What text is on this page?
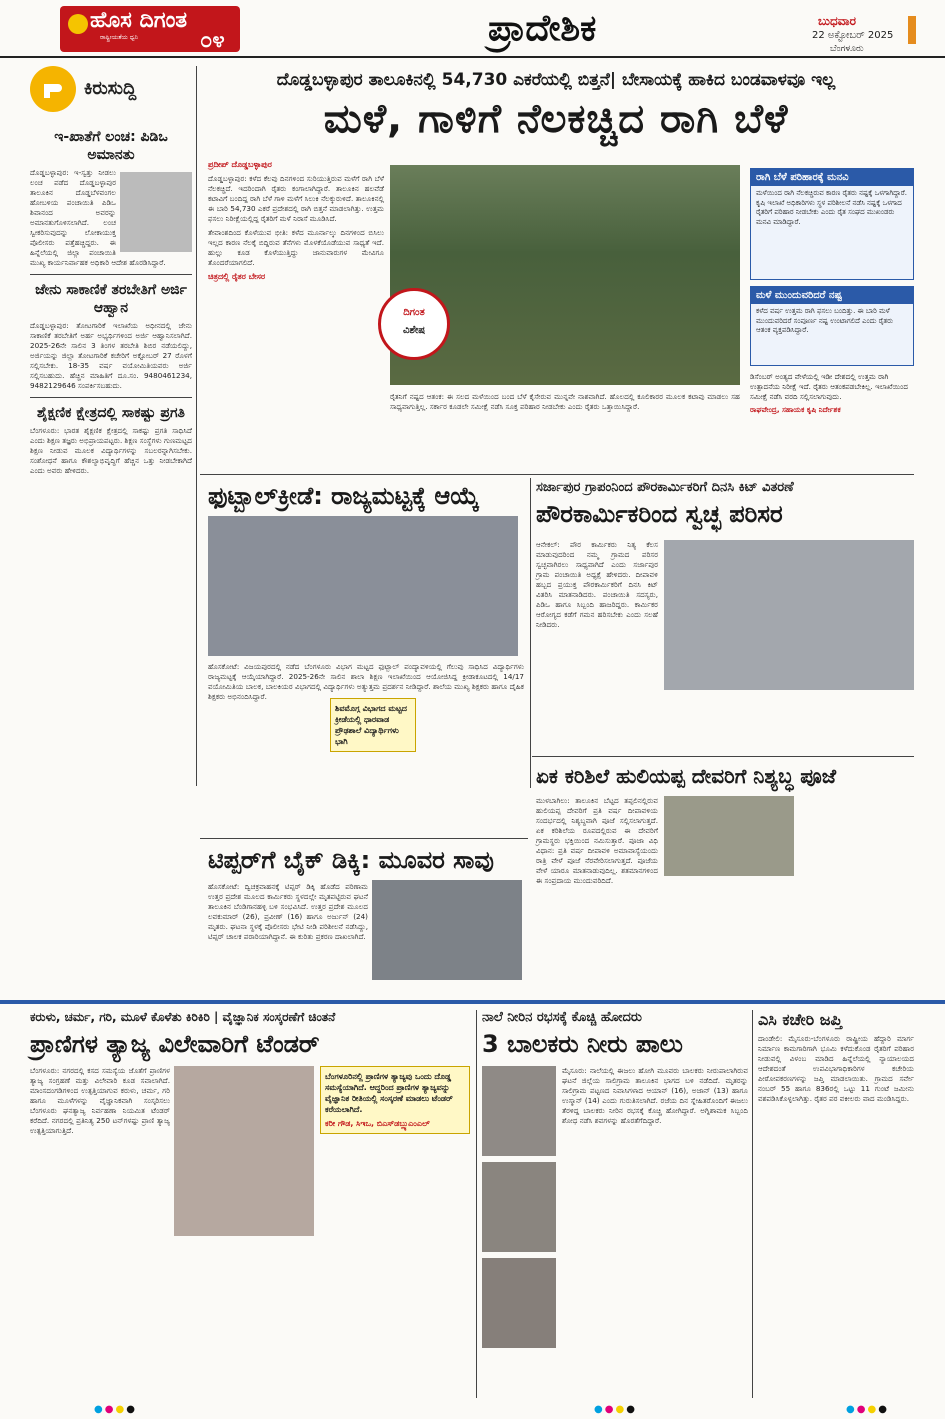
ಹೊಸ ದಿಗಂತ
ರಾಷ್ಟ್ರೀಯತೆಯ ಧ್ವನಿ	೦೪	ಪ್ರಾದೇಶಿಕ	ಬುಧವಾರ
22 ಅಕ್ಟೋಬರ್ 2025
ಬೆಂಗಳೂರು
ಕಿರುಸುದ್ದಿ
ಇ-ಖಾತೆಗೆ ಲಂಚ: ಪಿಡಿಒ ಅಮಾನತು
ದೊಡ್ಡಬಳ್ಳಾಪುರ: ಇ-ಸ್ವತ್ತು ನೀಡಲು ಲಂಚ ಪಡೆದ ದೊಡ್ಡಬಳ್ಳಾಪುರ ತಾಲೂಕಿನ ದೊಡ್ಡಬೆಳವಂಗಲ ಹೋಬಳಿಯ ಪಂಚಾಯಿತಿ ಪಿಡಿಒ ಶಿವಾನಂದ ಅವರನ್ನು ಅಮಾನತುಗೊಳಿಸಲಾಗಿದೆ. ಲಂಚ ಸ್ವೀಕರಿಸುವುದನ್ನು ಲೋಕಾಯುಕ್ತ ಪೊಲೀಸರು ಪತ್ತೆಹಚ್ಚಿದ್ದರು. ಈ ಹಿನ್ನೆಲೆಯಲ್ಲಿ ಜಿಲ್ಲಾ ಪಂಚಾಯಿತಿ ಮುಖ್ಯ ಕಾರ್ಯನಿರ್ವಾಹಕ ಅಧಿಕಾರಿ ಆದೇಶ ಹೊರಡಿಸಿದ್ದಾರೆ.
ಜೇನು ಸಾಕಾಣಿಕೆ ತರಬೇತಿಗೆ ಅರ್ಜಿ ಆಹ್ವಾನ
ದೊಡ್ಡಬಳ್ಳಾಪುರ: ತೋಟಗಾರಿಕೆ ಇಲಾಖೆಯ ಅಧೀನದಲ್ಲಿ ಜೇನು ಸಾಕಾಣಿಕೆ ತರಬೇತಿಗೆ ಅರ್ಹ ಅಭ್ಯರ್ಥಿಗಳಿಂದ ಅರ್ಜಿ ಆಹ್ವಾನಿಸಲಾಗಿದೆ. 2025-26ನೇ ಸಾಲಿನ 3 ತಿಂಗಳ ತರಬೇತಿ ಶಿಬಿರ ನಡೆಯಲಿದ್ದು, ಅರ್ಜಿಯನ್ನು ಜಿಲ್ಲಾ ತೋಟಗಾರಿಕೆ ಕಚೇರಿಗೆ ಅಕ್ಟೋಬರ್ 27 ರೊಳಗೆ ಸಲ್ಲಿಸಬೇಕು. 18-35 ವರ್ಷ ವಯೋಮಿತಿಯವರು ಅರ್ಜಿ ಸಲ್ಲಿಸಬಹುದು. ಹೆಚ್ಚಿನ ಮಾಹಿತಿಗೆ ದೂ.ಸಂ. 9480461234, 9482129646 ಸಂಪರ್ಕಿಸಬಹುದು.
ಶೈಕ್ಷಣಿಕ ಕ್ಷೇತ್ರದಲ್ಲಿ ಸಾಕಷ್ಟು ಪ್ರಗತಿ
ಬೆಂಗಳೂರು: ಭಾರತ ಶೈಕ್ಷಣಿಕ ಕ್ಷೇತ್ರದಲ್ಲಿ ಸಾಕಷ್ಟು ಪ್ರಗತಿ ಸಾಧಿಸಿದೆ ಎಂದು ಶಿಕ್ಷಣ ತಜ್ಞರು ಅಭಿಪ್ರಾಯಪಟ್ಟರು. ಶಿಕ್ಷಣ ಸಂಸ್ಥೆಗಳು ಗುಣಮಟ್ಟದ ಶಿಕ್ಷಣ ನೀಡುವ ಮೂಲಕ ವಿದ್ಯಾರ್ಥಿಗಳನ್ನು ಸಬಲರನ್ನಾಗಿಸಬೇಕು. ಸಂಶೋಧನೆ ಹಾಗೂ ಕೌಶಲ್ಯಾಭಿವೃದ್ಧಿಗೆ ಹೆಚ್ಚಿನ ಒತ್ತು ನೀಡಬೇಕಾಗಿದೆ ಎಂದು ಅವರು ಹೇಳಿದರು.
ದೊಡ್ಡಬಳ್ಳಾಪುರ ತಾಲೂಕಿನಲ್ಲಿ 54,730 ಎಕರೆಯಲ್ಲಿ ಬಿತ್ತನೆ| ಬೇಸಾಯಕ್ಕೆ ಹಾಕಿದ ಬಂಡವಾಳವೂ ಇಲ್ಲ
ಮಳೆ, ಗಾಳಿಗೆ ನೆಲಕಚ್ಚಿದ ರಾಗಿ ಬೆಳೆ
ಪ್ರದೀಪ್ ದೊಡ್ಡಬಳ್ಳಾಪುರ
ದೊಡ್ಡಬಳ್ಳಾಪುರ: ಕಳೆದ ಕೆಲವು ದಿನಗಳಿಂದ ಸುರಿಯುತ್ತಿರುವ ಮಳೆಗೆ ರಾಗಿ ಬೆಳೆ ನೆಲಕಚ್ಚಿದೆ. ಇದರಿಂದಾಗಿ ರೈತರು ಕಂಗಾಲಾಗಿದ್ದಾರೆ. ತಾಲೂಕಿನ ಹಲವೆಡೆ ಕಟಾವಿಗೆ ಬಂದಿದ್ದ ರಾಗಿ ಬೆಳೆ ಗಾಳಿ ಮಳೆಗೆ ಸಿಲುಕಿ ನೆಲಕ್ಕುರುಳಿದೆ. ತಾಲೂಕಿನಲ್ಲಿ ಈ ಬಾರಿ 54,730 ಎಕರೆ ಪ್ರದೇಶದಲ್ಲಿ ರಾಗಿ ಬಿತ್ತನೆ ಮಾಡಲಾಗಿತ್ತು. ಉತ್ತಮ ಫಸಲು ನಿರೀಕ್ಷೆಯಲ್ಲಿದ್ದ ರೈತರಿಗೆ ಮಳೆ ನಿರಾಸೆ ಮೂಡಿಸಿದೆ.
ತೇವಾಂಶದಿಂದ ಕೊಳೆಯುವ ಭೀತಿ: ಕಳೆದ ಮೂರ್ನಾಲ್ಕು ದಿನಗಳಿಂದ ಬಿಸಿಲು ಇಲ್ಲದ ಕಾರಣ ನೆಲಕ್ಕೆ ಬಿದ್ದಿರುವ ತೆನೆಗಳು ಮೊಳಕೆಯೊಡೆಯುವ ಸಾಧ್ಯತೆ ಇದೆ. ಹುಲ್ಲು ಕೂಡ ಕೊಳೆಯುತ್ತಿದ್ದು ಜಾನುವಾರುಗಳ ಮೇವಿಗೂ ತೊಂದರೆಯಾಗಲಿದೆ.
ಚಿತ್ರದಲ್ಲಿ ರೈತರ ಬೇಸರ
ದಿಗಂತ
ವಿಶೇಷ
ರೈತನಿಗೆ ನಷ್ಟದ ಆತಂಕ: ಈ ಸಲದ ಮಳೆಯಿಂದ ಬಂದ ಬೆಳೆ ಕೈಸೇರುವ ಮುನ್ನವೇ ನಾಶವಾಗಿದೆ. ಹೊಲದಲ್ಲಿ ಕೂಲಿಕಾರರ ಮೂಲಕ ಕಟಾವು ಮಾಡಲು ಸಹ ಸಾಧ್ಯವಾಗುತ್ತಿಲ್ಲ. ಸರ್ಕಾರ ಕೂಡಲೇ ಸಮೀಕ್ಷೆ ನಡೆಸಿ ಸೂಕ್ತ ಪರಿಹಾರ ನೀಡಬೇಕು ಎಂದು ರೈತರು ಒತ್ತಾಯಿಸಿದ್ದಾರೆ.
ರಾಗಿ ಬೆಳೆ ಪರಿಹಾರಕ್ಕೆ ಮನವಿ
ಮಳೆಯಿಂದ ರಾಗಿ ನೆಲಕಚ್ಚಿರುವ ಕಾರಣ ರೈತರು ನಷ್ಟಕ್ಕೆ ಒಳಗಾಗಿದ್ದಾರೆ. ಕೃಷಿ ಇಲಾಖೆ ಅಧಿಕಾರಿಗಳು ಸ್ಥಳ ಪರಿಶೀಲನೆ ನಡೆಸಿ ನಷ್ಟಕ್ಕೆ ಒಳಗಾದ ರೈತರಿಗೆ ಪರಿಹಾರ ನೀಡಬೇಕು ಎಂದು ರೈತ ಸಂಘದ ಮುಖಂಡರು ಮನವಿ ಮಾಡಿದ್ದಾರೆ.
ಮಳೆ ಮುಂದುವರಿದರೆ ನಷ್ಟ
ಕಳೆದ ವರ್ಷ ಉತ್ತಮ ರಾಗಿ ಫಸಲು ಬಂದಿತ್ತು. ಈ ಬಾರಿ ಮಳೆ ಮುಂದುವರಿದರೆ ಸಂಪೂರ್ಣ ನಷ್ಟ ಉಂಟಾಗಲಿದೆ ಎಂದು ರೈತರು ಆತಂಕ ವ್ಯಕ್ತಪಡಿಸಿದ್ದಾರೆ.
ಡಿಸೆಂಬರ್ ಅಂತ್ಯದ ವೇಳೆಯಲ್ಲಿ ಇಡೀ ದೇಶದಲ್ಲಿ ಉತ್ತಮ ರಾಗಿ ಉತ್ಪಾದನೆಯ ನಿರೀಕ್ಷೆ ಇದೆ. ರೈತರು ಆತಂಕಪಡಬೇಕಿಲ್ಲ. ಇಲಾಖೆಯಿಂದ ಸಮೀಕ್ಷೆ ನಡೆಸಿ ವರದಿ ಸಲ್ಲಿಸಲಾಗುವುದು.
ರಾಘವೇಂದ್ರ, ಸಹಾಯಕ ಕೃಷಿ ನಿರ್ದೇಶಕ
ಫುಟ್ಬಾಲ್‌ಕ್ರೀಡೆ: ರಾಜ್ಯಮಟ್ಟಕ್ಕೆ ಆಯ್ಕೆ
ಶಿವಮೊಗ್ಗ ವಿಭಾಗದ ಮಟ್ಟದ ಕ್ರೀಡೆಯಲ್ಲಿ ಧಾರವಾಡ ಪ್ರೌಢಶಾಲೆ ವಿದ್ಯಾರ್ಥಿಗಳು ಭಾಗಿ
ಹೊಸಕೋಟೆ: ವಿಜಯಪುರದಲ್ಲಿ ನಡೆದ ಬೆಂಗಳೂರು ವಿಭಾಗ ಮಟ್ಟದ ಫುಟ್ಬಾಲ್ ಪಂದ್ಯಾವಳಿಯಲ್ಲಿ ಗೆಲುವು ಸಾಧಿಸಿದ ವಿದ್ಯಾರ್ಥಿಗಳು ರಾಜ್ಯಮಟ್ಟಕ್ಕೆ ಆಯ್ಕೆಯಾಗಿದ್ದಾರೆ. 2025-26ನೇ ಸಾಲಿನ ಶಾಲಾ ಶಿಕ್ಷಣ ಇಲಾಖೆಯಿಂದ ಆಯೋಜಿಸಿದ್ದ ಕ್ರೀಡಾಕೂಟದಲ್ಲಿ 14/17 ವಯೋಮಿತಿಯ ಬಾಲಕ, ಬಾಲಕಿಯರ ವಿಭಾಗದಲ್ಲಿ ವಿದ್ಯಾರ್ಥಿಗಳು ಅತ್ಯುತ್ತಮ ಪ್ರದರ್ಶನ ನೀಡಿದ್ದಾರೆ. ಶಾಲೆಯ ಮುಖ್ಯ ಶಿಕ್ಷಕರು ಹಾಗೂ ದೈಹಿಕ ಶಿಕ್ಷಕರು ಅಭಿನಂದಿಸಿದ್ದಾರೆ.
ಟಿಪ್ಪರ್‌ಗೆ ಬೈಕ್ ಡಿಕ್ಕಿ: ಮೂವರ ಸಾವು
ಹೊಸಕೋಟೆ: ದ್ವಿಚಕ್ರವಾಹನಕ್ಕೆ ಟಿಪ್ಪರ್ ಡಿಕ್ಕಿ ಹೊಡೆದ ಪರಿಣಾಮ ಉತ್ತರ ಪ್ರದೇಶ ಮೂಲದ ಕಾರ್ಮಿಕರು ಸ್ಥಳದಲ್ಲೇ ಮೃತಪಟ್ಟಿರುವ ಘಟನೆ ತಾಲೂಕಿನ ಬೆಂಡಿಗಾನಹಳ್ಳಿ ಬಳಿ ಸಂಭವಿಸಿದೆ. ಉತ್ತರ ಪ್ರದೇಶ ಮೂಲದ ಲವಕುಮಾರ್ (26), ಪ್ರವೀಣ್ (16) ಹಾಗೂ ಅರ್ಜುನ್ (24) ಮೃತರು. ಘಟನಾ ಸ್ಥಳಕ್ಕೆ ಪೊಲೀಸರು ಭೇಟಿ ನೀಡಿ ಪರಿಶೀಲನೆ ನಡೆಸಿದ್ದು, ಟಿಪ್ಪರ್ ಚಾಲಕ ಪರಾರಿಯಾಗಿದ್ದಾನೆ. ಈ ಕುರಿತು ಪ್ರಕರಣ ದಾಖಲಾಗಿದೆ.
ಸರ್ಜಾಪುರ ಗ್ರಾಪಂನಿಂದ ಪೌರಕಾರ್ಮಿಕರಿಗೆ ದಿನಸಿ ಕಿಟ್ ವಿತರಣೆ
ಪೌರಕಾರ್ಮಿಕರಿಂದ ಸ್ವಚ್ಛ ಪರಿಸರ
ಆನೇಕಲ್: ಪೌರ ಕಾರ್ಮಿಕರು ನಿತ್ಯ ಕೆಲಸ ಮಾಡುವುದರಿಂದ ನಮ್ಮ ಗ್ರಾಮದ ಪರಿಸರ ಸ್ವಚ್ಛವಾಗಿರಲು ಸಾಧ್ಯವಾಗಿದೆ ಎಂದು ಸರ್ಜಾಪುರ ಗ್ರಾಮ ಪಂಚಾಯಿತಿ ಅಧ್ಯಕ್ಷೆ ಹೇಳಿದರು. ದೀಪಾವಳಿ ಹಬ್ಬದ ಪ್ರಯುಕ್ತ ಪೌರಕಾರ್ಮಿಕರಿಗೆ ದಿನಸಿ ಕಿಟ್ ವಿತರಿಸಿ ಮಾತನಾಡಿದರು. ಪಂಚಾಯಿತಿ ಸದಸ್ಯರು, ಪಿಡಿಒ ಹಾಗೂ ಸಿಬ್ಬಂದಿ ಹಾಜರಿದ್ದರು. ಕಾರ್ಮಿಕರ ಆರೋಗ್ಯದ ಕಡೆಗೆ ಗಮನ ಹರಿಸಬೇಕು ಎಂದು ಸಲಹೆ ನೀಡಿದರು.
ಏಕ ಕರಿಶಿಲೆ ಹುಲಿಯಪ್ಪ ದೇವರಿಗೆ ನಿಶ್ಯಬ್ಧ ಪೂಜೆ
ಮುಳಬಾಗಿಲು: ತಾಲೂಕಿನ ಬೆಟ್ಟದ ತಪ್ಪಲಿನಲ್ಲಿರುವ ಹುಲಿಯಪ್ಪ ದೇವರಿಗೆ ಪ್ರತಿ ವರ್ಷ ದೀಪಾವಳಿಯ ಸಂದರ್ಭದಲ್ಲಿ ನಿಶ್ಯಬ್ಧವಾಗಿ ಪೂಜೆ ಸಲ್ಲಿಸಲಾಗುತ್ತದೆ. ಏಕ ಕರಿಶಿಲೆಯ ರೂಪದಲ್ಲಿರುವ ಈ ದೇವರಿಗೆ ಗ್ರಾಮಸ್ಥರು ಭಕ್ತಿಯಿಂದ ನಮಿಸುತ್ತಾರೆ. ಪೂಜಾ ವಿಧಿ ವಿಧಾನ: ಪ್ರತಿ ವರ್ಷ ದೀಪಾವಳಿ ಅಮಾವಾಸ್ಯೆಯಂದು ರಾತ್ರಿ ವೇಳೆ ಪೂಜೆ ನೆರವೇರಿಸಲಾಗುತ್ತದೆ. ಪೂಜೆಯ ವೇಳೆ ಯಾರೂ ಮಾತನಾಡುವುದಿಲ್ಲ. ಶತಮಾನಗಳಿಂದ ಈ ಸಂಪ್ರದಾಯ ಮುಂದುವರಿದಿದೆ.
ಕರುಳು, ಚರ್ಮ, ಗರಿ, ಮೂಳೆ ಕೊಳೆತು ಕಿರಿಕಿರಿ | ವೈಜ್ಞಾನಿಕ ಸಂಸ್ಕರಣೆಗೆ ಚಿಂತನೆ
ಪ್ರಾಣಿಗಳ ತ್ಯಾಜ್ಯ ವಿಲೇವಾರಿಗೆ ಟೆಂಡರ್
ಬೆಂಗಳೂರಿನಲ್ಲಿ ಪ್ರಾಣಿಗಳ ತ್ಯಾಜ್ಯವು ಒಂದು ದೊಡ್ಡ ಸಮಸ್ಯೆಯಾಗಿದೆ. ಆದ್ದರಿಂದ ಪ್ರಾಣಿಗಳ ತ್ಯಾಜ್ಯವನ್ನು ವೈಜ್ಞಾನಿಕ ರೀತಿಯಲ್ಲಿ ಸಂಸ್ಕರಣೆ ಮಾಡಲು ಟೆಂಡರ್ ಕರೆಯಲಾಗಿದೆ.
ಕರೀ ಗೌಡ, ಸಿಇಒ, ಬಿಎಸ್‌ಡಬ್ಲ್ಯುಎಂಎಲ್
ಬೆಂಗಳೂರು: ನಗರದಲ್ಲಿ ಕಸದ ಸಮಸ್ಯೆಯ ಜೊತೆಗೆ ಪ್ರಾಣಿಗಳ ತ್ಯಾಜ್ಯ ಸಂಗ್ರಹಣೆ ಮತ್ತು ವಿಲೇವಾರಿ ಕೂಡ ಸವಾಲಾಗಿದೆ. ಮಾಂಸದಂಗಡಿಗಳಿಂದ ಉತ್ಪತ್ತಿಯಾಗುವ ಕರುಳು, ಚರ್ಮ, ಗರಿ ಹಾಗೂ ಮೂಳೆಗಳನ್ನು ವೈಜ್ಞಾನಿಕವಾಗಿ ಸಂಸ್ಕರಿಸಲು ಬೆಂಗಳೂರು ಘನತ್ಯಾಜ್ಯ ನಿರ್ವಹಣಾ ನಿಯಮಿತ ಟೆಂಡರ್ ಕರೆದಿದೆ. ನಗರದಲ್ಲಿ ಪ್ರತಿನಿತ್ಯ 250 ಟನ್‌ಗಳಷ್ಟು ಪ್ರಾಣಿ ತ್ಯಾಜ್ಯ ಉತ್ಪತ್ತಿಯಾಗುತ್ತಿದೆ.
ನಾಲೆ ನೀರಿನ ರಭಸಕ್ಕೆ ಕೊಚ್ಚಿ ಹೋದರು
3 ಬಾಲಕರು ನೀರು ಪಾಲು
ಮೈಸೂರು: ನಾಲೆಯಲ್ಲಿ ಈಜಲು ಹೋಗಿ ಮೂವರು ಬಾಲಕರು ನೀರುಪಾಲಾಗಿರುವ ಘಟನೆ ಜಿಲ್ಲೆಯ ಸಾಲಿಗ್ರಾಮ ತಾಲೂಕಿನ ಭಾಗದ ಬಳಿ ನಡೆದಿದೆ. ಮೃತರನ್ನು ಸಾಲಿಗ್ರಾಮ ಪಟ್ಟಣದ ನಿವಾಸಿಗಳಾದ ಆಯಾನ್ (16), ಅಜಾನ್ (13) ಹಾಗೂ ಉಸ್ಮಾನ್ (14) ಎಂದು ಗುರುತಿಸಲಾಗಿದೆ. ರಜೆಯ ದಿನ ಸ್ನೇಹಿತರೊಂದಿಗೆ ಈಜಲು ತೆರಳಿದ್ದ ಬಾಲಕರು ನೀರಿನ ರಭಸಕ್ಕೆ ಕೊಚ್ಚಿ ಹೋಗಿದ್ದಾರೆ. ಅಗ್ನಿಶಾಮಕ ಸಿಬ್ಬಂದಿ ಶೋಧ ನಡೆಸಿ ಶವಗಳನ್ನು ಹೊರತೆಗೆದಿದ್ದಾರೆ.
ಎಸಿ ಕಚೇರಿ ಜಪ್ತಿ
ದಾಂಡೇಲಿ: ಮೈಸೂರು-ಬೆಂಗಳೂರು ರಾಷ್ಟ್ರೀಯ ಹೆದ್ದಾರಿ ಮಾರ್ಗ ನಿರ್ಮಾಣ ಕಾಮಗಾರಿಗಾಗಿ ಭೂಮಿ ಕಳೆದುಕೊಂಡ ರೈತರಿಗೆ ಪರಿಹಾರ ನೀಡುವಲ್ಲಿ ವಿಳಂಬ ಮಾಡಿದ ಹಿನ್ನೆಲೆಯಲ್ಲಿ ನ್ಯಾಯಾಲಯದ ಆದೇಶದಂತೆ ಉಪವಿಭಾಗಾಧಿಕಾರಿಗಳ ಕಚೇರಿಯ ಪೀಠೋಪಕರಣಗಳನ್ನು ಜಪ್ತಿ ಮಾಡಲಾಯಿತು. ಗ್ರಾಮದ ಸರ್ವೇ ನಂಬರ್ 55 ಹಾಗೂ 836ರಲ್ಲಿ ಒಟ್ಟು 11 ಗುಂಟೆ ಜಮೀನು ವಶಪಡಿಸಿಕೊಳ್ಳಲಾಗಿತ್ತು. ರೈತರ ಪರ ವಕೀಲರು ವಾದ ಮಂಡಿಸಿದ್ದರು.
●●●●	●●●●	●●●●
